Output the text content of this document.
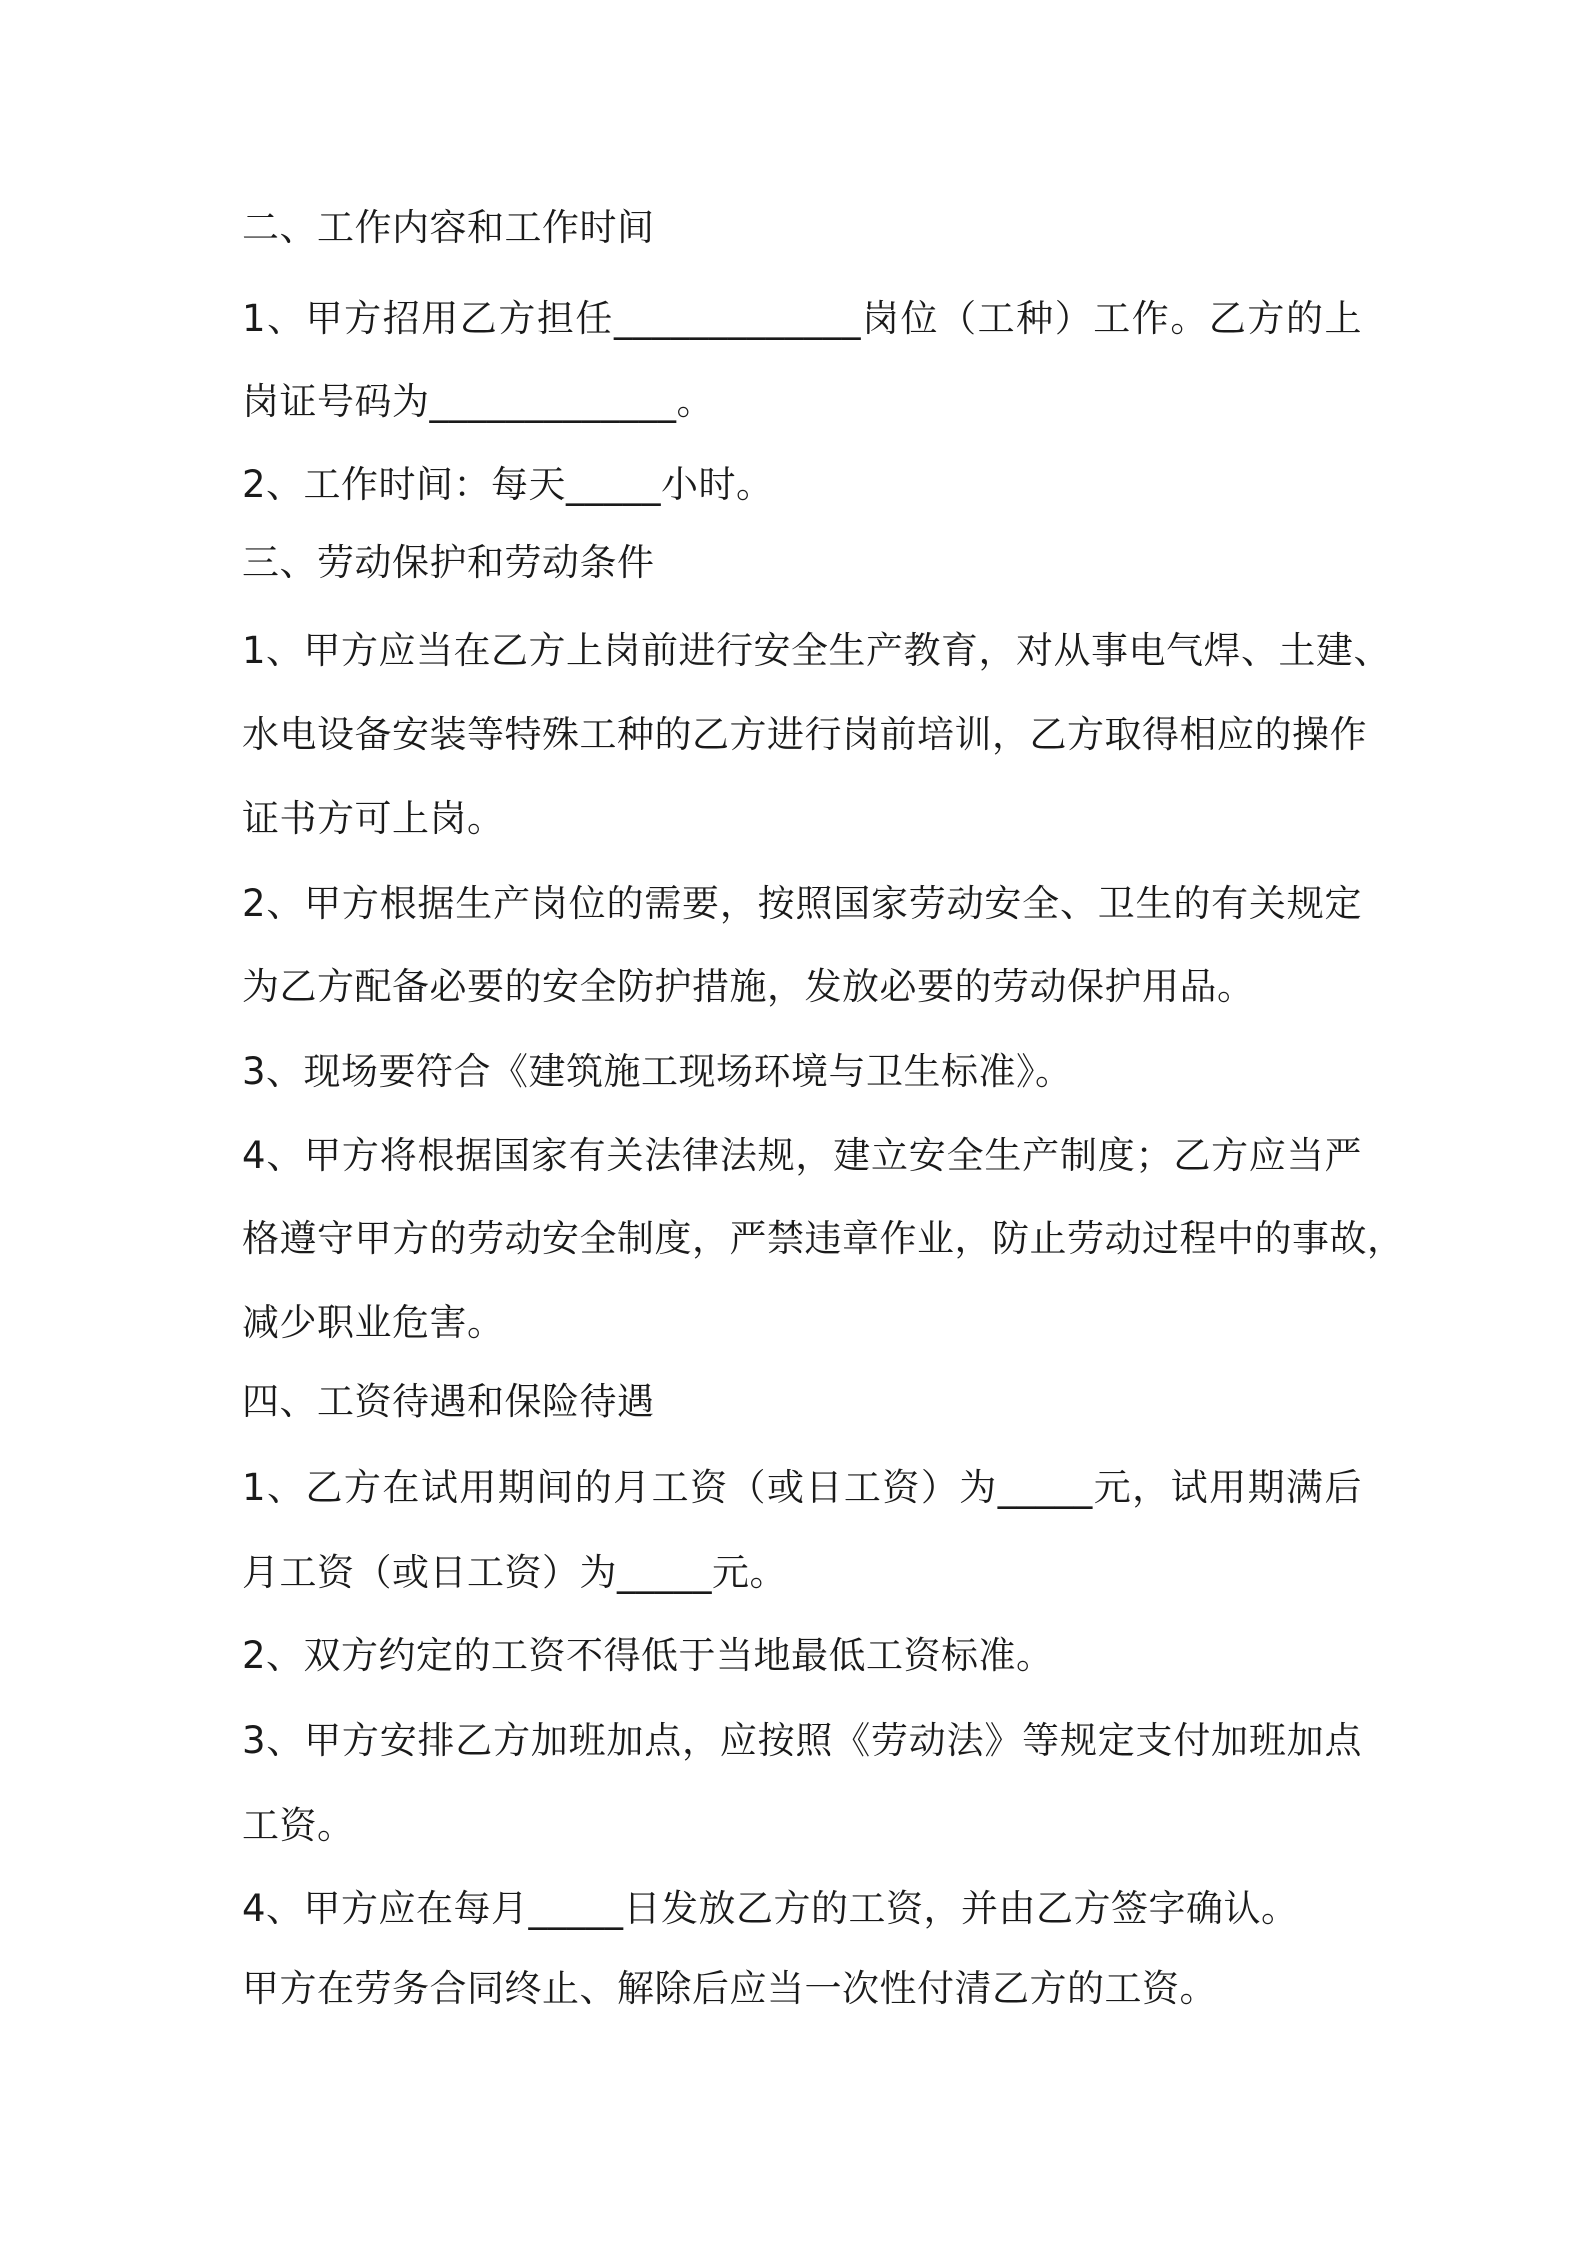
二、工作内容和工作时间
1、甲方招用乙方担任_____________岗位（工种）工作。乙方的上
岗证号码为_____________。
2、工作时间：每天_____小时。
三、劳动保护和劳动条件
1、甲方应当在乙方上岗前进行安全生产教育，对从事电气焊、土建、
水电设备安装等特殊工种的乙方进行岗前培训，乙方取得相应的操作
证书方可上岗。
2、甲方根据生产岗位的需要，按照国家劳动安全、卫生的有关规定
为乙方配备必要的安全防护措施，发放必要的劳动保护用品。
3、现场要符合《建筑施工现场环境与卫生标准》。
4、甲方将根据国家有关法律法规，建立安全生产制度；乙方应当严
格遵守甲方的劳动安全制度，严禁违章作业，防止劳动过程中的事故，
减少职业危害。
四、工资待遇和保险待遇
1、乙方在试用期间的月工资（或日工资）为_____元，试用期满后
月工资（或日工资）为_____元。
2、双方约定的工资不得低于当地最低工资标准。
3、甲方安排乙方加班加点，应按照《劳动法》等规定支付加班加点
工资。
4、甲方应在每月_____日发放乙方的工资，并由乙方签字确认。
甲方在劳务合同终止、解除后应当一次性付清乙方的工资。
